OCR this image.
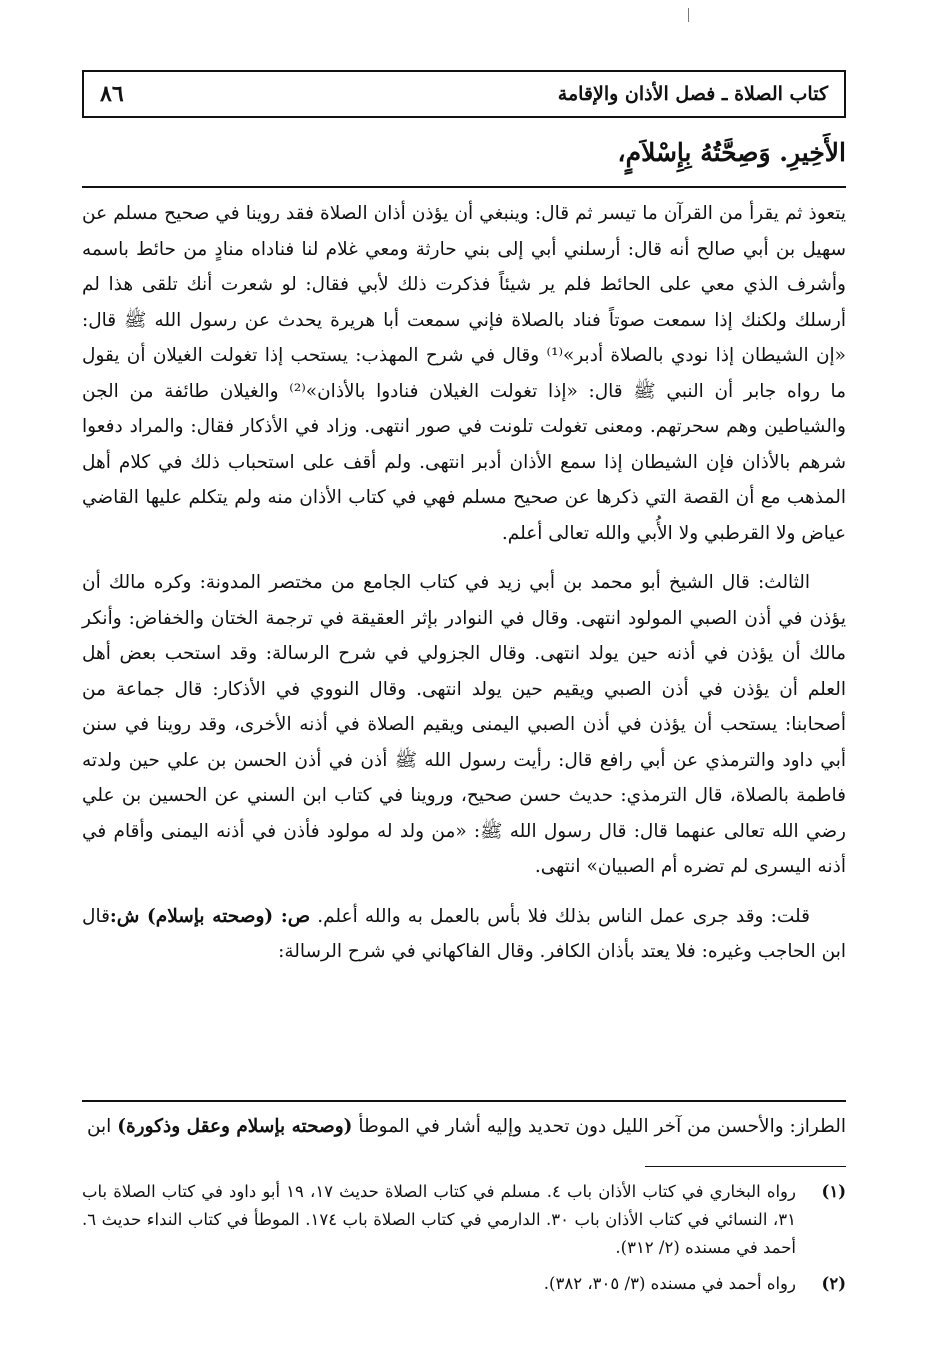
٨٦	كتاب الصلاة ـ فصل الأذان والإقامة
الأَخِيرِ. وَصِحَّتُهُ بِإِسْلاَمٍ،

يتعوذ ثم يقرأ من القرآن ما تيسر ثم قال: وينبغي أن يؤذن أذان الصلاة فقد روينا في صحيح مسلم عن سهيل بن أبي صالح أنه قال: أرسلني أبي إلى بني حارثة ومعي غلام لنا فناداه منادٍ من حائط باسمه وأشرف الذي معي على الحائط فلم ير شيئاً فذكرت ذلك لأبي فقال: لو شعرت أنك تلقى هذا لم أرسلك ولكنك إذا سمعت صوتاً فناد بالصلاة فإني سمعت أبا هريرة يحدث عن رسول الله ﷺ قال: «إن الشيطان إذا نودي بالصلاة أدبر»⁽¹⁾ وقال في شرح المهذب: يستحب إذا تغولت الغيلان أن يقول ما رواه جابر أن النبي ﷺ قال: «إذا تغولت الغيلان فنادوا بالأذان»⁽²⁾ والغيلان طائفة من الجن والشياطين وهم سحرتهم. ومعنى تغولت تلونت في صور انتهى. وزاد في الأذكار فقال: والمراد دفعوا شرهم بالأذان فإن الشيطان إذا سمع الأذان أدبر انتهى. ولم أقف على استحباب ذلك في كلام أهل المذهب مع أن القصة التي ذكرها عن صحيح مسلم فهي في كتاب الأذان منه ولم يتكلم عليها القاضي عياض ولا القرطبي ولا الأُبي والله تعالى أعلم.

الثالث: قال الشيخ أبو محمد بن أبي زيد في كتاب الجامع من مختصر المدونة: وكره مالك أن يؤذن في أذن الصبي المولود انتهى. وقال في النوادر بإثر العقيقة في ترجمة الختان والخفاض: وأنكر مالك أن يؤذن في أذنه حين يولد انتهى. وقال الجزولي في شرح الرسالة: وقد استحب بعض أهل العلم أن يؤذن في أذن الصبي ويقيم حين يولد انتهى. وقال النووي في الأذكار: قال جماعة من أصحابنا: يستحب أن يؤذن في أذن الصبي اليمنى ويقيم الصلاة في أذنه الأخرى، وقد روينا في سنن أبي داود والترمذي عن أبي رافع قال: رأيت رسول الله ﷺ أذن في أذن الحسن بن علي حين ولدته فاطمة بالصلاة، قال الترمذي: حديث حسن صحيح، وروينا في كتاب ابن السني عن الحسين بن علي رضي الله تعالى عنهما قال: قال رسول الله ﷺ: «من ولد له مولود فأذن في أذنه اليمنى وأقام في أذنه اليسرى لم تضره أم الصبيان» انتهى.

قلت: وقد جرى عمل الناس بذلك فلا بأس بالعمل به والله أعلم. ص: (وصحته بإسلام) ش:قال ابن الحاجب وغيره: فلا يعتد بأذان الكافر. وقال الفاكهاني في شرح الرسالة:

الطراز: والأحسن من آخر الليل دون تحديد وإليه أشار في الموطأ (وصحته بإسلام وعقل وذكورة) ابن
(١)
رواه البخاري في كتاب الأذان باب ٤. مسلم في كتاب الصلاة حديث ١٧، ١٩ أبو داود في كتاب الصلاة باب ٣١، النسائي في كتاب الأذان باب ٣٠. الدارمي في كتاب الصلاة باب ١٧٤. الموطأ في كتاب النداء حديث ٦. أحمد في مسنده (٢/ ٣١٢).
(٢)
رواه أحمد في مسنده (٣/ ٣٠٥، ٣٨٢).
